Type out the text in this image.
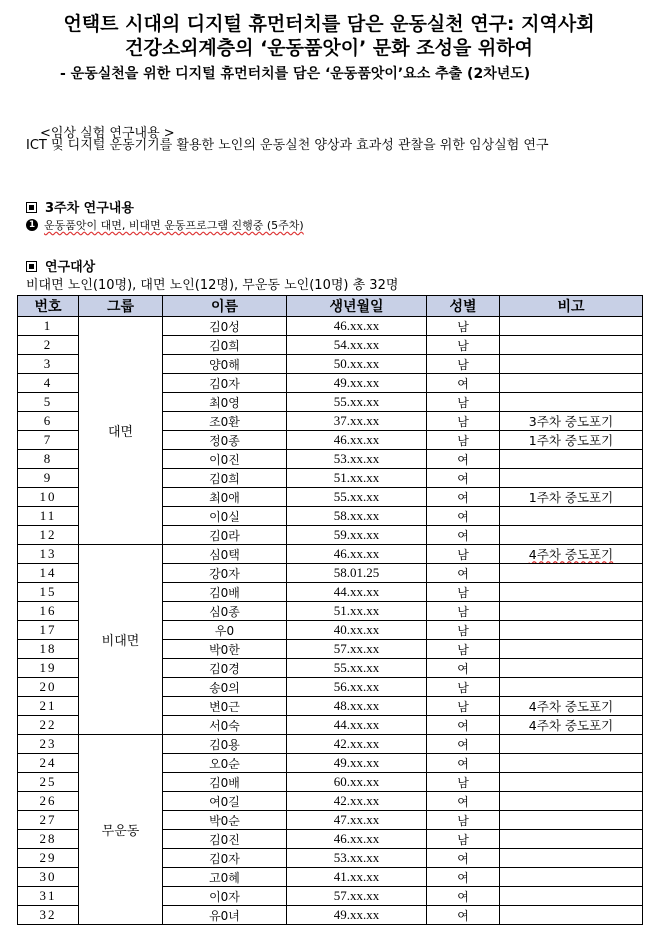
언택트 시대의 디지털 휴먼터치를 담은 운동실천 연구: 지역사회
건강소외계층의 ‘운동품앗이’ 문화 조성을 위하여
- 운동실천을 위한 디지털 휴먼터치를 담은 ‘운동품앗이’요소 추출 (2차년도)
<임상 실험 연구내용 >
ICT 및 디지털 운동기기를 활용한 노인의 운동실천 양상과 효과성 관찰을 위한 임상실험 연구
3주차 연구내용
1 운동품앗이 대면, 비대면 운동프로그램 진행중 (5주차)
연구대상
비대면 노인(10명), 대면 노인(12명), 무운동 노인(10명) 총 32명
번호	그룹	이름	생년월일	성별	비고
1	대면	김0성	46.xx.xx	남	
2		김0희	54.xx.xx	남	
3		양0해	50.xx.xx	남	
4		김0자	49.xx.xx	여	
5		최0영	55.xx.xx	남	
6		조0환	37.xx.xx	남	3주차 중도포기
7		정0종	46.xx.xx	남	1주차 중도포기
8		이0진	53.xx.xx	여	
9		김0희	51.xx.xx	여	
10		최0애	55.xx.xx	여	1주차 중도포기
11		이0실	58.xx.xx	여	
12		김0라	59.xx.xx	여	
13	비대면	심0택	46.xx.xx	남	4주차 중도포기
14		강0자	58.01.25	여	
15		김0배	44.xx.xx	남	
16		심0종	51.xx.xx	남	
17		우0	40.xx.xx	남	
18		박0한	57.xx.xx	남	
19		김0경	55.xx.xx	여	
20		송0의	56.xx.xx	남	
21		변0근	48.xx.xx	남	4주차 중도포기
22		서0숙	44.xx.xx	여	4주차 중도포기
23	무운동	김0용	42.xx.xx	여	
24		오0순	49.xx.xx	여	
25		김0배	60.xx.xx	남	
26		여0길	42.xx.xx	여	
27		박0순	47.xx.xx	남	
28		김0진	46.xx.xx	남	
29		김0자	53.xx.xx	여	
30		고0혜	41.xx.xx	여	
31		이0자	57.xx.xx	여	
32		유0녀	49.xx.xx	여	
